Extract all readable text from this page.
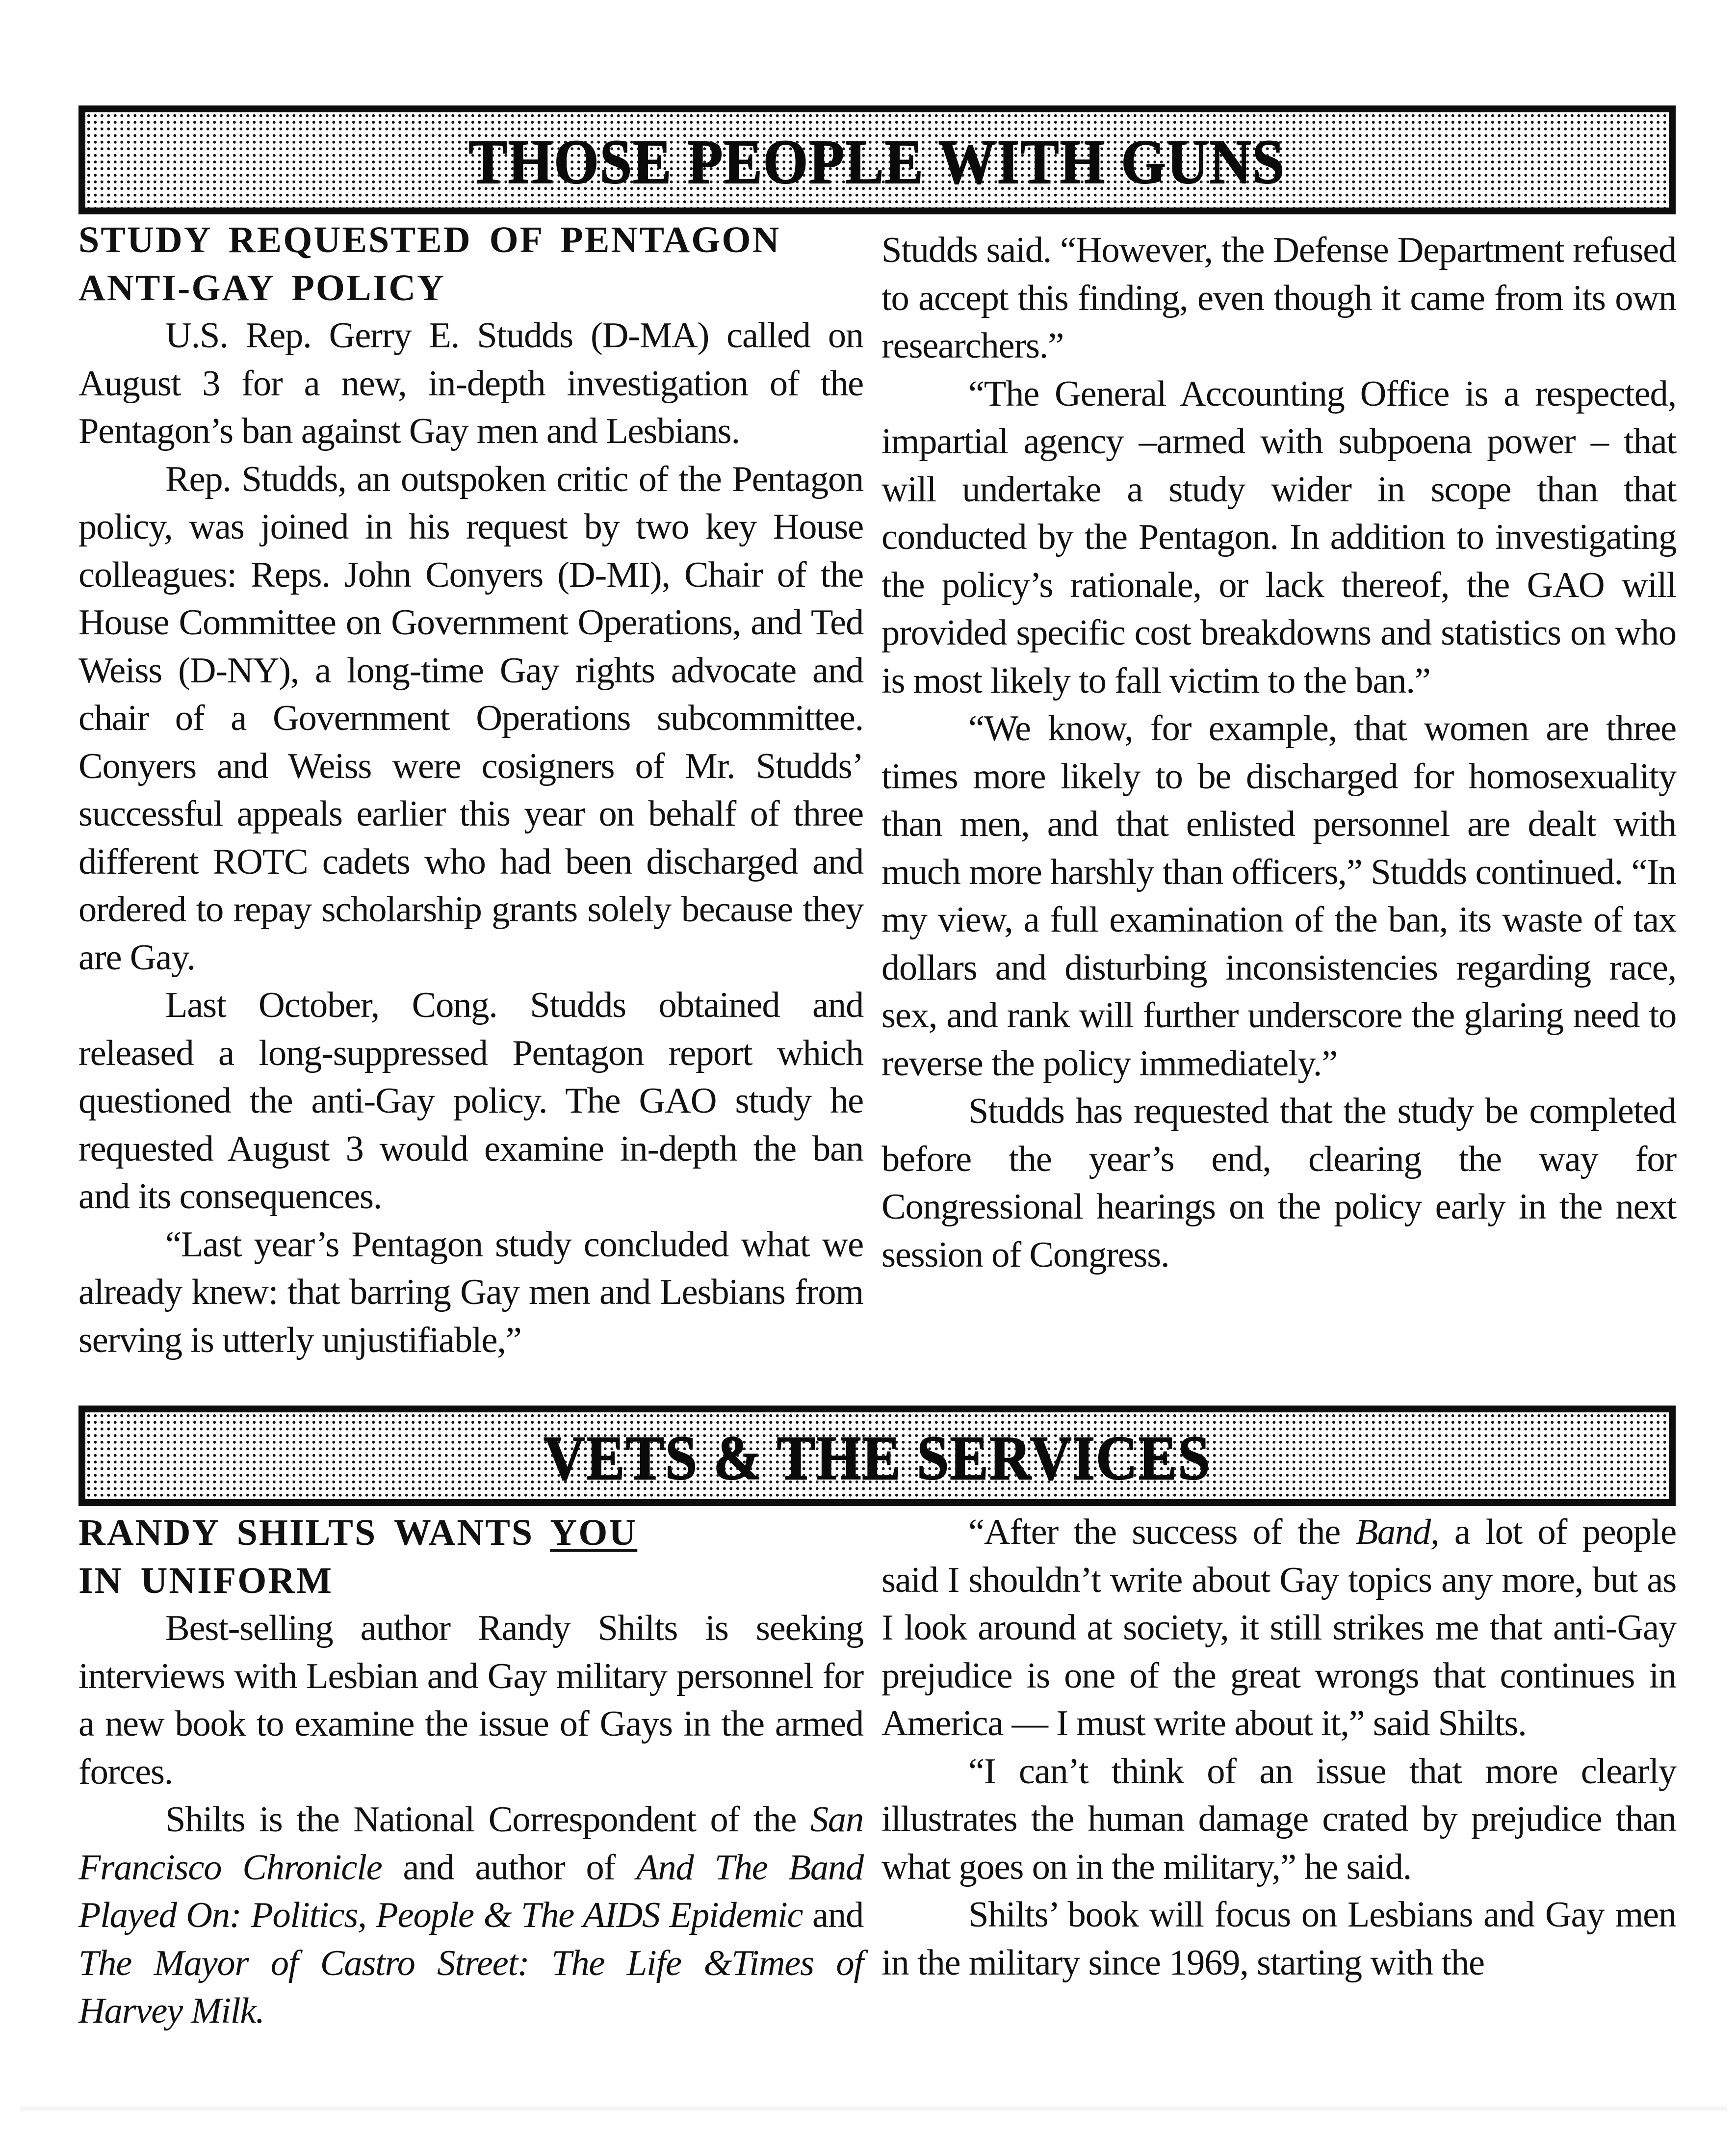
THOSE PEOPLE WITH GUNS
STUDY REQUESTED OF PENTAGON
ANTI-GAY POLICY

U.S. Rep. Gerry E. Studds (D-MA) called on August 3 for a new, in-depth investigation of the Pentagon’s ban against Gay men and Lesbians.

Rep. Studds, an outspoken critic of the Pentagon policy, was joined in his request by two key House colleagues: Reps. John Conyers (D-MI), Chair of the House Committee on Government Operations, and Ted Weiss (D-NY), a long-time Gay rights advocate and chair of a Government Operations subcommittee. Conyers and Weiss were cosigners of Mr. Studds’ successful appeals earlier this year on behalf of three different ROTC cadets who had been discharged and ordered to repay scholarship grants solely because they are Gay.

Last October, Cong. Studds obtained and released a long-suppressed Pentagon report which questioned the anti-Gay policy. The GAO study he requested August 3 would examine in-depth the ban and its consequences.

“Last year’s Pentagon study concluded what we already knew: that barring Gay men and Lesbians from serving is utterly unjustifiable,”

Studds said. “However, the Defense Department refused to accept this finding, even though it came from its own researchers.”

“The General Accounting Office is a respected, impartial agency –armed with subpoena power – that will undertake a study wider in scope than that conducted by the Pentagon. In addition to investigating the policy’s rationale, or lack thereof, the GAO will provided specific cost breakdowns and statistics on who is most likely to fall victim to the ban.”

“We know, for example, that women are three times more likely to be discharged for homosexuality than men, and that enlisted personnel are dealt with much more harshly than officers,” Studds continued. “In my view, a full examination of the ban, its waste of tax dollars and disturbing inconsistencies regarding race, sex, and rank will further underscore the glaring need to reverse the policy immediately.”

Studds has requested that the study be completed before the year’s end, clearing the way for Congressional hearings on the policy early in the next session of Congress.

VETS & THE SERVICES
RANDY SHILTS WANTS YOU
IN UNIFORM

Best-selling author Randy Shilts is seeking interviews with Lesbian and Gay military personnel for a new book to examine the issue of Gays in the armed forces.

Shilts is the National Correspondent of the San Francisco Chronicle and author of And The Band Played On: Politics, People & The AIDS Epidemic and The Mayor of Castro Street: The Life &Times of Harvey Milk.

“After the success of the Band, a lot of people said I shouldn’t write about Gay topics any more, but as I look around at society, it still strikes me that anti-Gay prejudice is one of the great wrongs that continues in America — I must write about it,” said Shilts.

“I can’t think of an issue that more clearly illustrates the human damage crated by prejudice than what goes on in the military,” he said.

Shilts’ book will focus on Lesbians and Gay men in the military since 1969, starting with the
